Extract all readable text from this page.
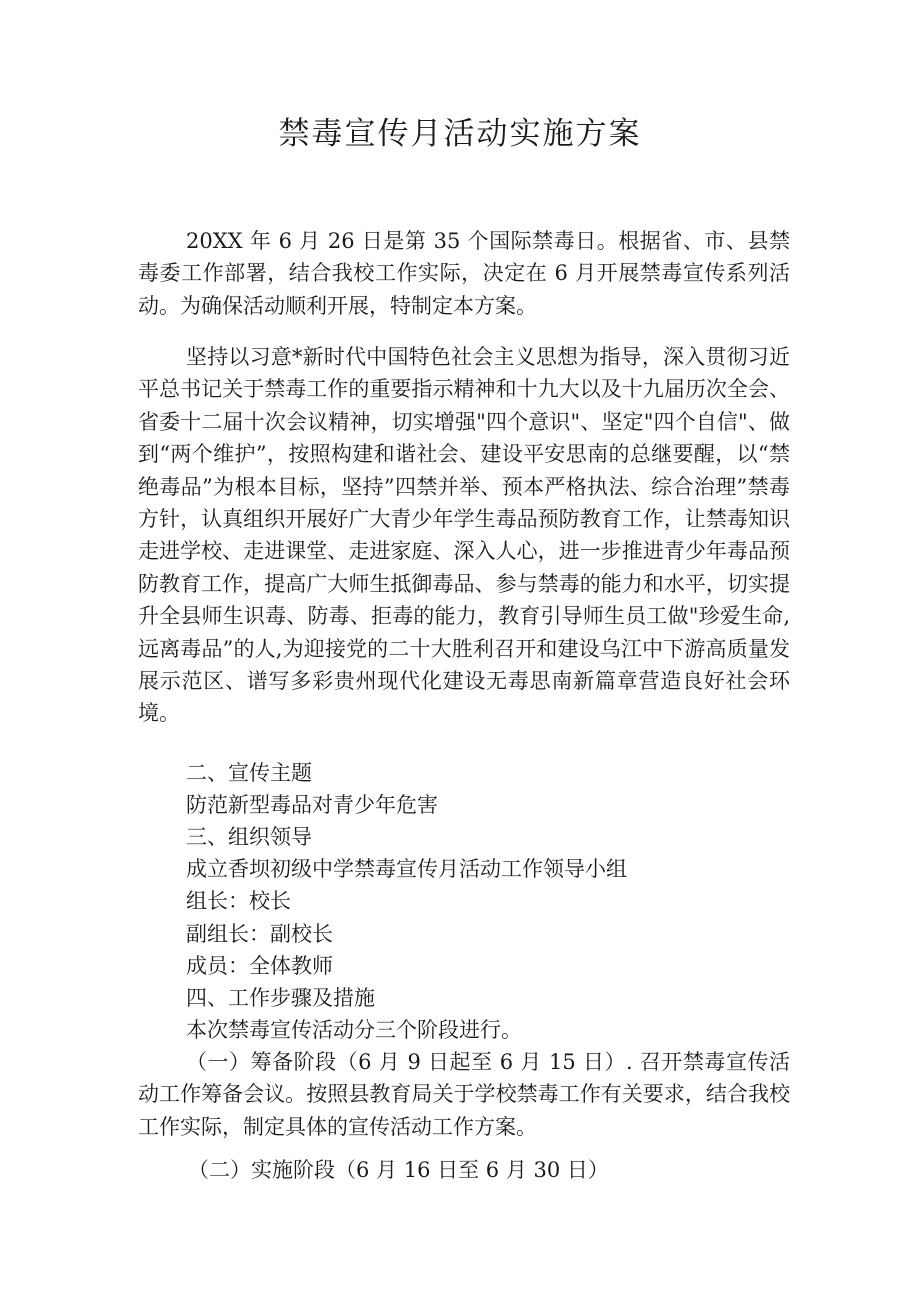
禁毒宣传月活动实施方案

20XX 年 6 月 26 日是第 35 个国际禁毒日。根据省、市、县禁毒委工作部署，结合我校工作实际，决定在 6 月开展禁毒宣传系列活动。为确保活动顺利开展，特制定本方案。

坚持以习意*新时代中国特色社会主义思想为指导，深入贯彻习近平总书记关于禁毒工作的重要指示精神和十九大以及十九届历次全会、省委十二届十次会议精神，切实增强"四个意识"、坚定"四个自信"、做到“两个维护”，按照构建和谐社会、建设平安思南的总继要醒，以“禁绝毒品”为根本目标，坚持”四禁并举、预本严格执法、综合治理”禁毒方针，认真组织开展好广大青少年学生毒品预防教育工作，让禁毒知识走进学校、走进课堂、走进家庭、深入人心，进一步推进青少年毒品预防教育工作，提高广大师生抵御毒品、参与禁毒的能力和水平，切实提升全县师生识毒、防毒、拒毒的能力，教育引导师生员工做"珍爱生命,远离毒品”的人,为迎接党的二十大胜利召开和建设乌江中下游高质量发展示范区、谱写多彩贵州现代化建设无毒思南新篇章营造良好社会环境。

二、宣传主题

防范新型毒品对青少年危害

三、组织领导

成立香坝初级中学禁毒宣传月活动工作领导小组

组长：校长

副组长：副校长

成员：全体教师

四、工作步骤及措施

本次禁毒宣传活动分三个阶段进行。

（一）筹备阶段（6 月 9 日起至 6 月 15 日）. 召开禁毒宣传活动工作筹备会议。按照县教育局关于学校禁毒工作有关要求，结合我校工作实际，制定具体的宣传活动工作方案。

（二）实施阶段（6 月 16 日至 6 月 30 日）
